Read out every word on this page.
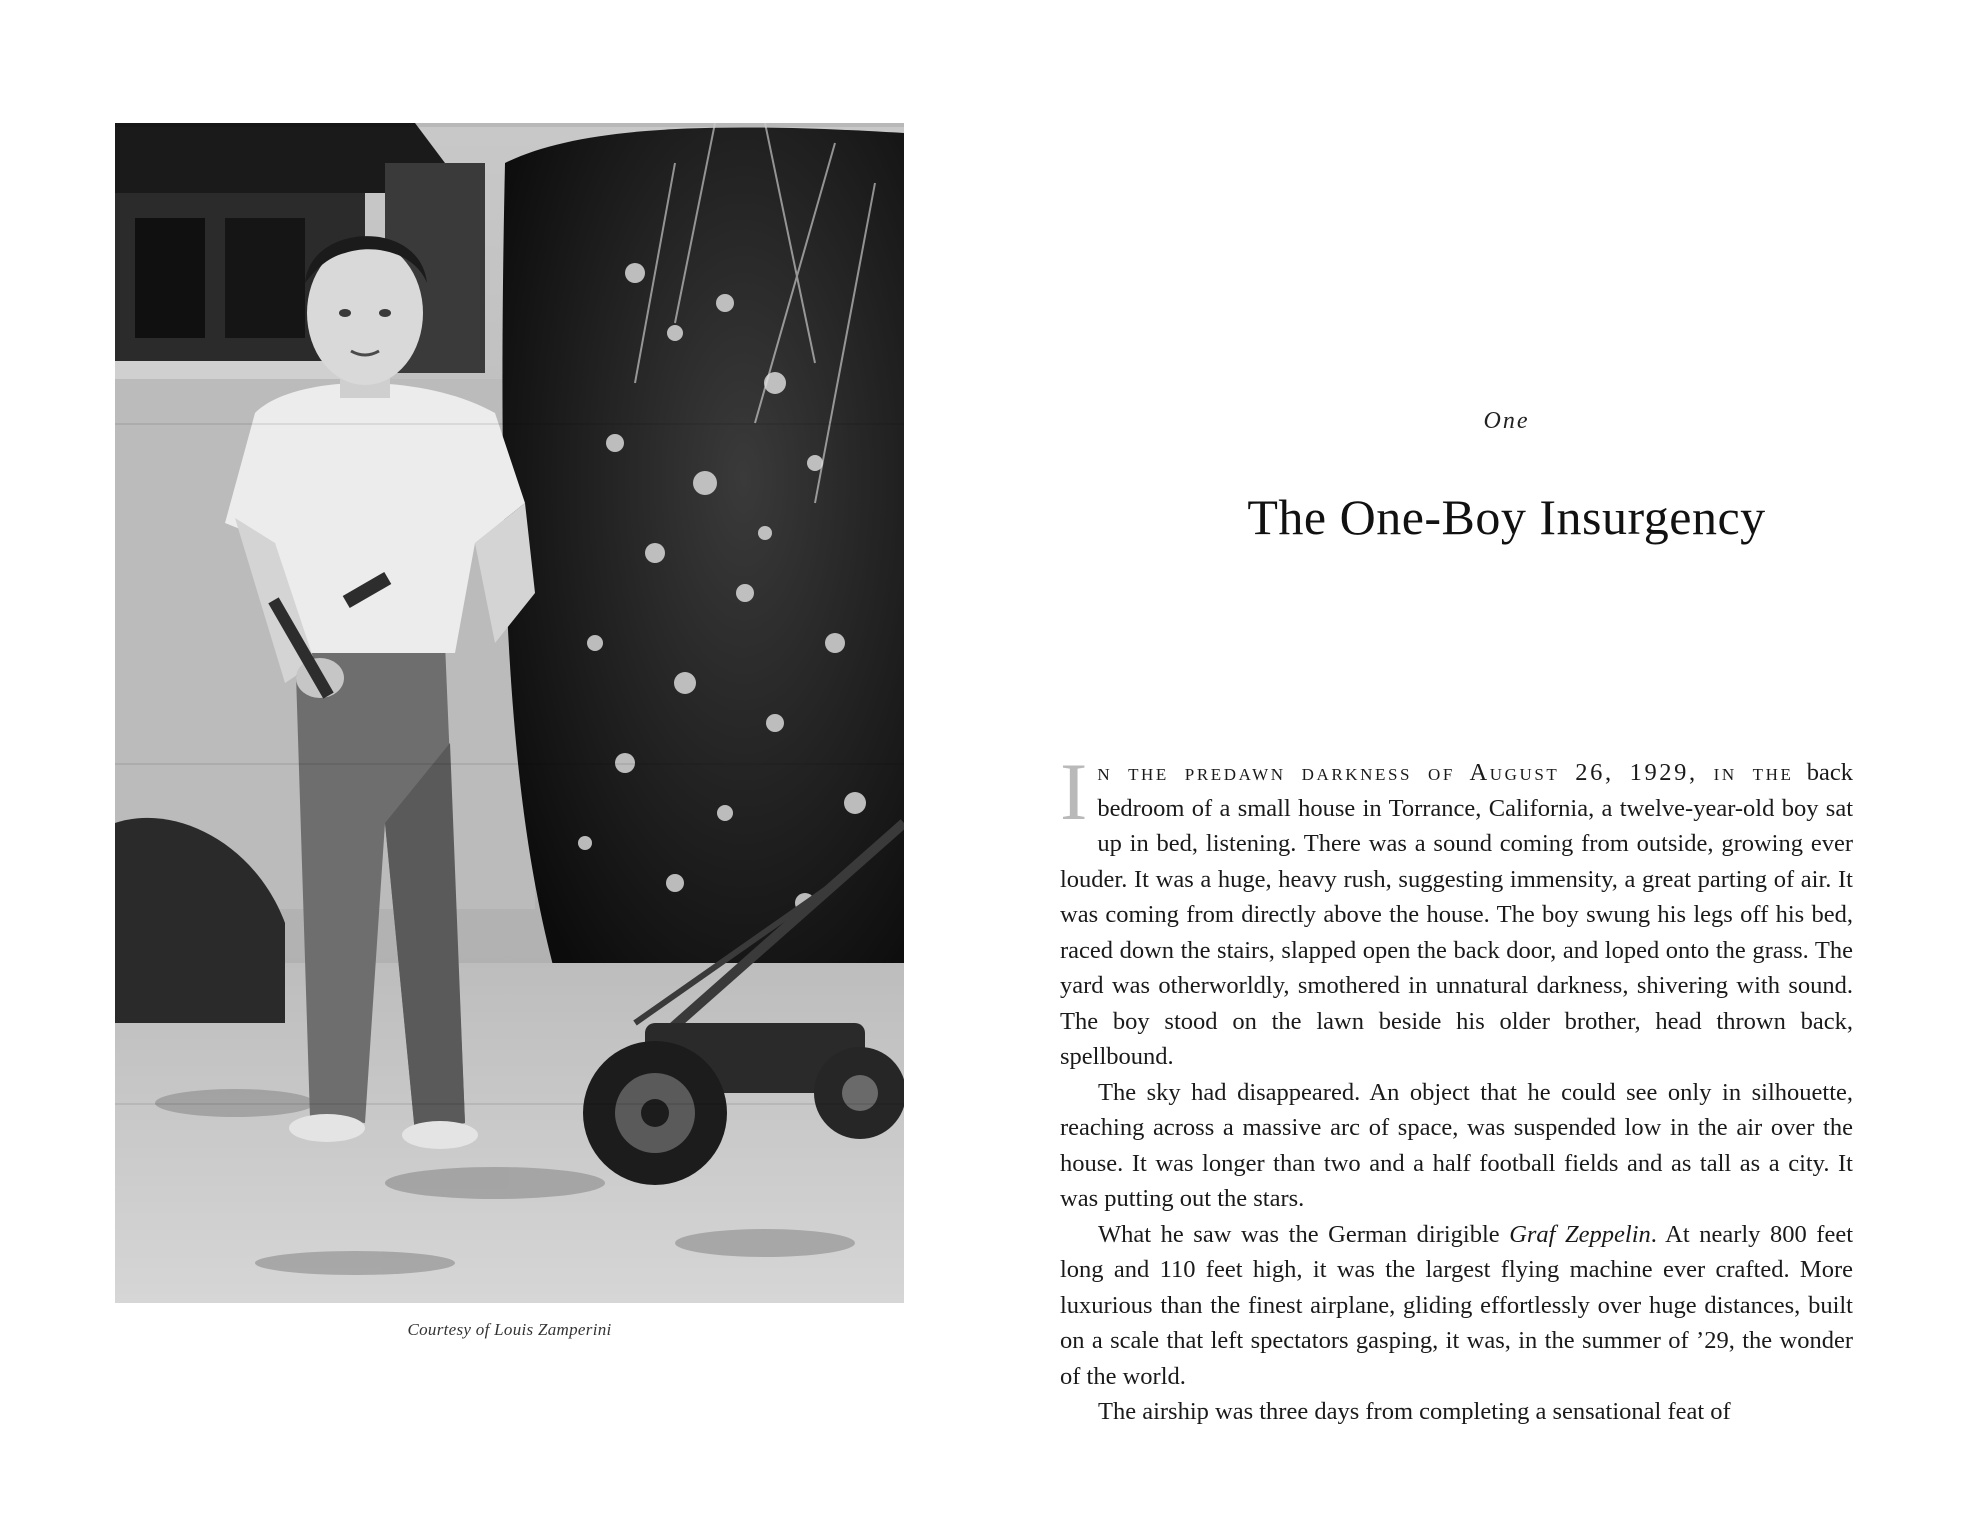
Courtesy of Louis Zamperini
One
The One-Boy Insurgency

In the predawn darkness of August 26, 1929, in the back bedroom of a small house in Torrance, California, a twelve-year-old boy sat up in bed, listening. There was a sound coming from outside, growing ever louder. It was a huge, heavy rush, suggesting immensity, a great parting of air. It was coming from directly above the house. The boy swung his legs off his bed, raced down the stairs, slapped open the back door, and loped onto the grass. The yard was otherworldly, smothered in unnatural darkness, shivering with sound. The boy stood on the lawn beside his older brother, head thrown back, spellbound.

The sky had disappeared. An object that he could see only in silhouette, reaching across a massive arc of space, was suspended low in the air over the house. It was longer than two and a half football fields and as tall as a city. It was putting out the stars.

What he saw was the German dirigible Graf Zeppelin. At nearly 800 feet long and 110 feet high, it was the largest flying machine ever crafted. More luxurious than the finest airplane, gliding effortlessly over huge distances, built on a scale that left spectators gasping, it was, in the summer of ’29, the wonder of the world.

The airship was three days from completing a sensational feat of
